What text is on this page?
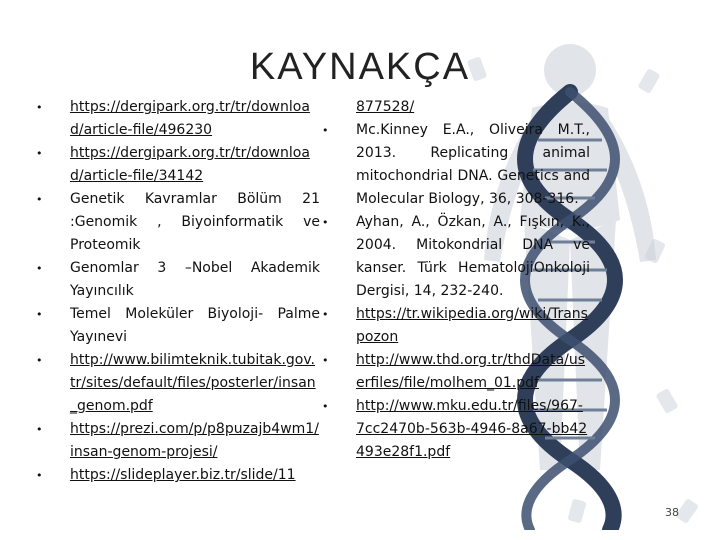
KAYNAKÇA
•	https://dergipark.org.tr/tr/download/article-file/496230
•	https://dergipark.org.tr/tr/download/article-file/34142
•	Genetik Kavramlar Bölüm 21 :Genomik , Biyoinformatik ve Proteomik
•	Genomlar 3 –Nobel Akademik Yayıncılık
•	Temel Moleküler Biyoloji- Palme Yayınevi
•	http://www.bilimteknik.tubitak.gov.tr/sites/default/files/posterler/insan_genom.pdf
•	https://prezi.com/p/p8puzajb4wm1/insan-genom-projesi/
•	https://slideplayer.biz.tr/slide/11
877528/
•	Mc.Kinney E.A., Oliveira M.T., 2013. Replicating animal mitochondrial DNA. Genetics and Molecular Biology, 36, 308-316.
•	Ayhan, A., Özkan, A., Fışkın, K., 2004. Mitokondrial DNA ve kanser. Türk HematolojiOnkoloji Dergisi, 14, 232-240.
•	https://tr.wikipedia.org/wiki/Transpozon
•	http://www.thd.org.tr/thdData/userfiles/file/molhem_01.pdf
•	http://www.mku.edu.tr/files/967-7cc2470b-563b-4946-8a67-bb42493e28f1.pdf
38
